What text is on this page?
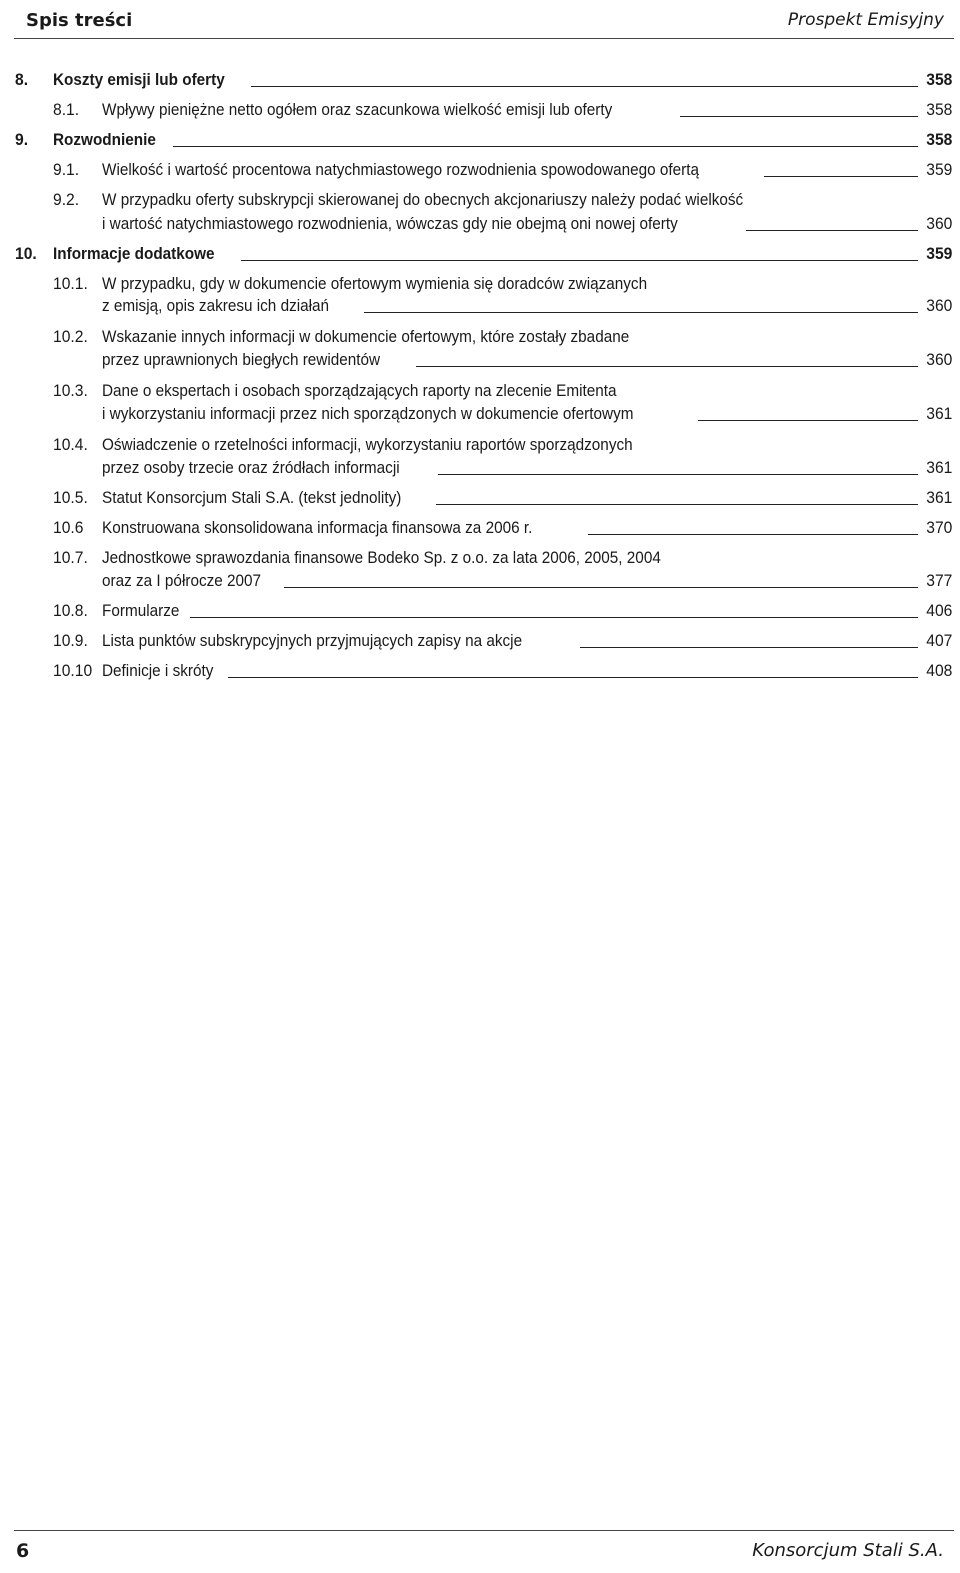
Spis treści	Prospekt Emisyjny
8. Koszty emisji lub oferty	358
8.1. Wpływy pieniężne netto ogółem oraz szacunkowa wielkość emisji lub oferty	358
9. Rozwodnienie	358
9.1. Wielkość i wartość procentowa natychmiastowego rozwodnienia spowodowanego ofertą	359
9.2. W przypadku oferty subskrypcji skierowanej do obecnych akcjonariuszy należy podać wielkość
i wartość natychmiastowego rozwodnienia, wówczas gdy nie obejmą oni nowej oferty	360
10. Informacje dodatkowe	359
10.1. W przypadku, gdy w dokumencie ofertowym wymienia się doradców związanych
z emisją, opis zakresu ich działań	360
10.2. Wskazanie innych informacji w dokumencie ofertowym, które zostały zbadane
przez uprawnionych biegłych rewidentów	360
10.3. Dane o ekspertach i osobach sporządzających raporty na zlecenie Emitenta
i wykorzystaniu informacji przez nich sporządzonych w dokumencie ofertowym	361
10.4. Oświadczenie o rzetelności informacji, wykorzystaniu raportów sporządzonych
przez osoby trzecie oraz źródłach informacji	361
10.5. Statut Konsorcjum Stali S.A. (tekst jednolity)	361
10.6 Konstruowana skonsolidowana informacja finansowa za 2006 r.	370
10.7. Jednostkowe sprawozdania finansowe Bodeko Sp. z o.o. za lata 2006, 2005, 2004
oraz za I półrocze 2007	377
10.8. Formularze	406
10.9. Lista punktów subskrypcyjnych przyjmujących zapisy na akcje	407
10.10 Definicje i skróty	408
6	Konsorcjum Stali S.A.
